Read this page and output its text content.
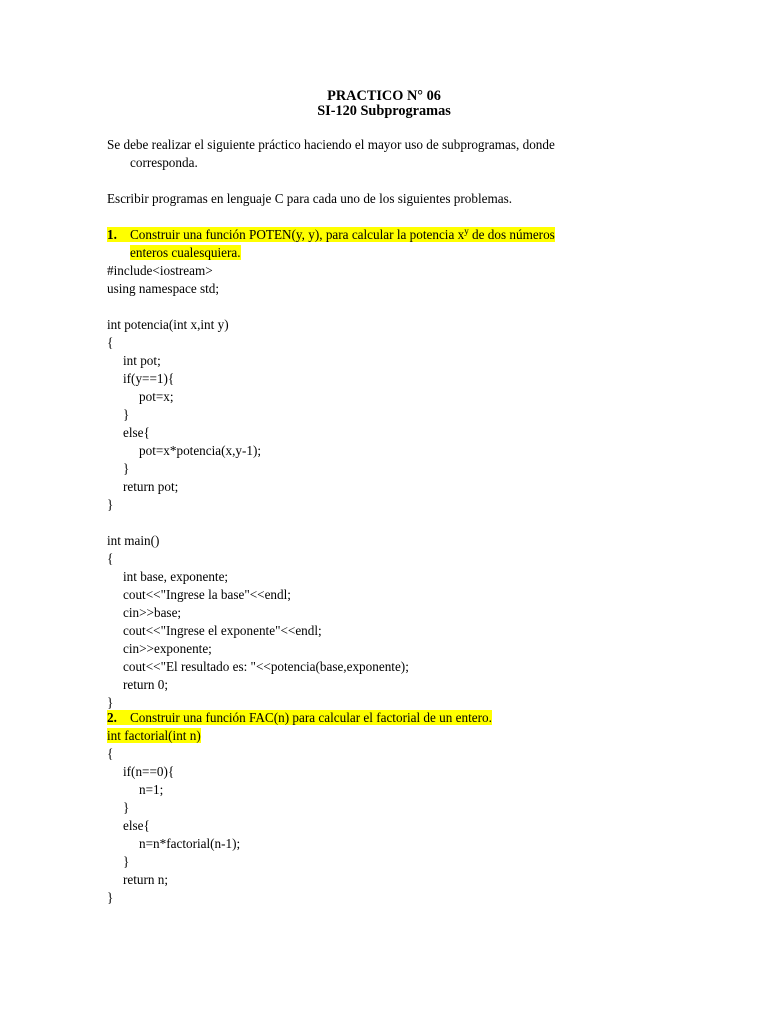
PRACTICO N° 06
SI-120 Subprogramas
Se debe realizar el siguiente práctico haciendo el mayor uso de subprogramas, donde
corresponda.
Escribir programas en lenguaje C para cada uno de los siguientes problemas.
1. Construir una función POTEN(y, y), para calcular la potencia $x^y$ de dos números
enteros cualesquiera.
#include<iostream>
using namespace std;
int potencia(int x,int y)
{
int pot;
if(y==1){
pot=x;
}
else{
pot=x*potencia(x,y-1);
}
return pot;
}
int main()
{
int base, exponente;
cout<<"Ingrese la base"<<endl;
cin>>base;
cout<<"Ingrese el exponente"<<endl;
cin>>exponente;
cout<<"El resultado es: "<<potencia(base,exponente);
return 0;
}
2. Construir una función FAC(n) para calcular el factorial de un entero.
int factorial(int n)
{
if(n==0){
n=1;
}
else{
n=n*factorial(n-1);
}
return n;
}
